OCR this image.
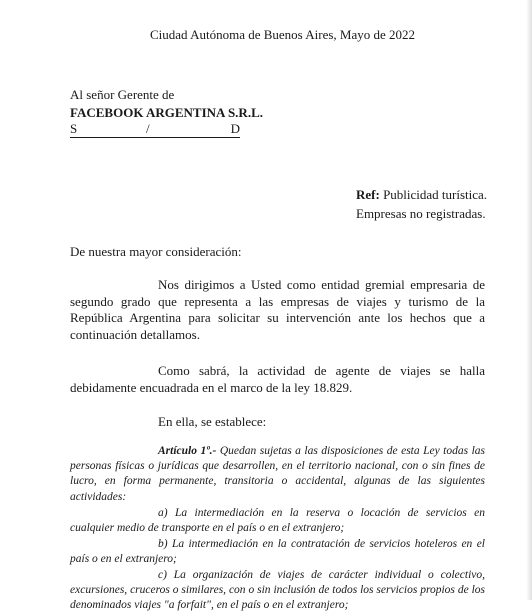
Ciudad Autónoma de Buenos Aires, Mayo de 2022
Al señor Gerente de
FACEBOOK ARGENTINA S.R.L.
S	/	D
Ref: Publicidad turística.
Empresas no registradas.
De nuestra mayor consideración:
Nos dirigimos a Usted como entidad gremial empresaria de segundo grado que representa a las empresas de viajes y turismo de la República Argentina para solicitar su intervención ante los hechos que a continuación detallamos.
Como sabrá, la actividad de agente de viajes se halla debidamente encuadrada en el marco de la ley 18.829.
En ella, se establece:
Artículo 1º.- Quedan sujetas a las disposiciones de esta Ley todas las personas físicas o jurídicas que desarrollen, en el territorio nacional, con o sin fines de lucro, en forma permanente, transitoria o accidental, algunas de las siguientes actividades:
a) La intermediación en la reserva o locación de servicios en cualquier medio de transporte en el país o en el extranjero;
b) La intermediación en la contratación de servicios hoteleros en el país o en el extranjero;
c) La organización de viajes de carácter individual o colectivo, excursiones, cruceros o similares, con o sin inclusión de todos los servicios propios de los denominados viajes "a forfait", en el país o en el extranjero;
